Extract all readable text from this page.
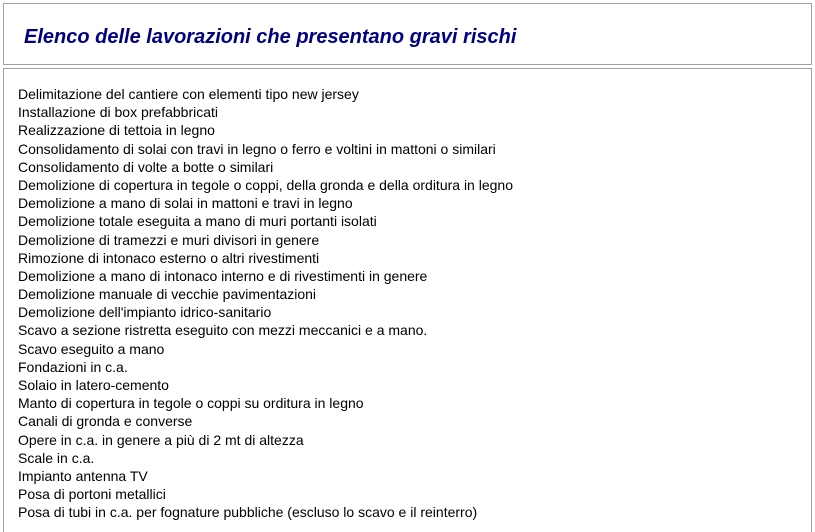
Elenco delle lavorazioni che presentano gravi rischi
Delimitazione del cantiere con elementi tipo new jersey
Installazione di box prefabbricati
Realizzazione di tettoia in legno
Consolidamento di solai con travi in legno o ferro e voltini in mattoni o similari
Consolidamento di volte a botte o similari
Demolizione di copertura in tegole o coppi, della gronda e della orditura in legno
Demolizione a mano di solai in mattoni e travi in legno
Demolizione totale eseguita a mano di muri portanti isolati
Demolizione di tramezzi e muri divisori in genere
Rimozione di intonaco esterno o altri rivestimenti
Demolizione a mano di intonaco interno e di rivestimenti in genere
Demolizione manuale di vecchie pavimentazioni
Demolizione dell'impianto idrico-sanitario
Scavo a sezione ristretta eseguito con mezzi meccanici e a mano.
Scavo eseguito a mano
Fondazioni in c.a.
Solaio in latero-cemento
Manto di copertura in tegole o coppi su orditura in legno
Canali di gronda e converse
Opere in c.a. in genere a più di 2 mt di altezza
Scale in c.a.
Impianto antenna TV
Posa di portoni metallici
Posa di tubi in c.a. per fognature pubbliche (escluso lo scavo e il reinterro)
